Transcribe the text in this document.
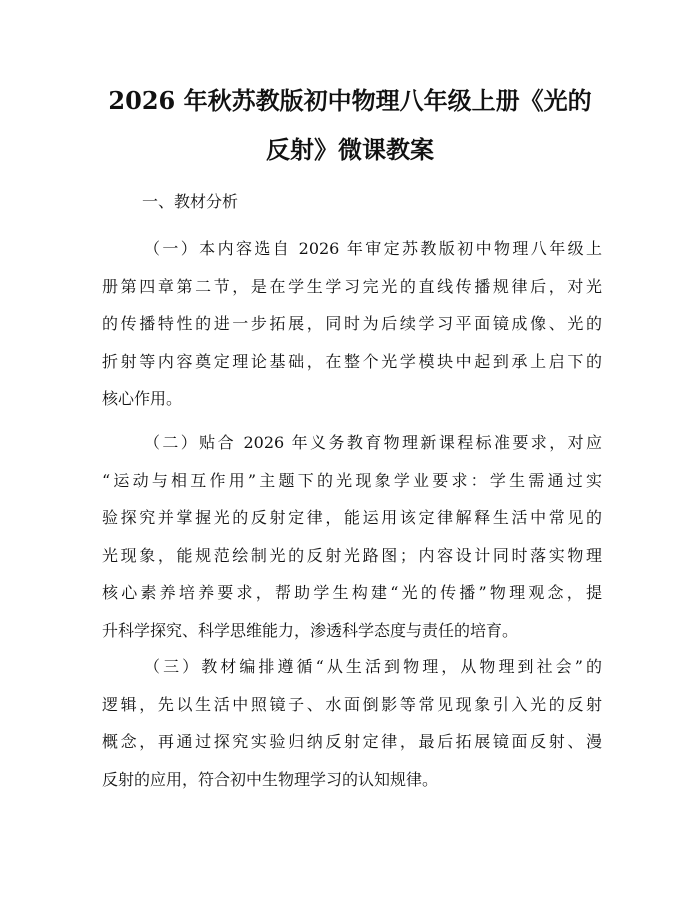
2026 年秋苏教版初中物理八年级上册《光的
反射》微课教案
一、教材分析
（一）本内容选自 2026 年审定苏教版初中物理八年级上
册第四章第二节，是在学生学习完光的直线传播规律后，对光
的传播特性的进一步拓展，同时为后续学习平面镜成像、光的
折射等内容奠定理论基础，在整个光学模块中起到承上启下的
核心作用。
（二）贴合 2026 年义务教育物理新课程标准要求，对应
“运动与相互作用”主题下的光现象学业要求：学生需通过实
验探究并掌握光的反射定律，能运用该定律解释生活中常见的
光现象，能规范绘制光的反射光路图；内容设计同时落实物理
核心素养培养要求，帮助学生构建“光的传播”物理观念，提
升科学探究、科学思维能力，渗透科学态度与责任的培育。
（三）教材编排遵循“从生活到物理，从物理到社会”的
逻辑，先以生活中照镜子、水面倒影等常见现象引入光的反射
概念，再通过探究实验归纳反射定律，最后拓展镜面反射、漫
反射的应用，符合初中生物理学习的认知规律。
